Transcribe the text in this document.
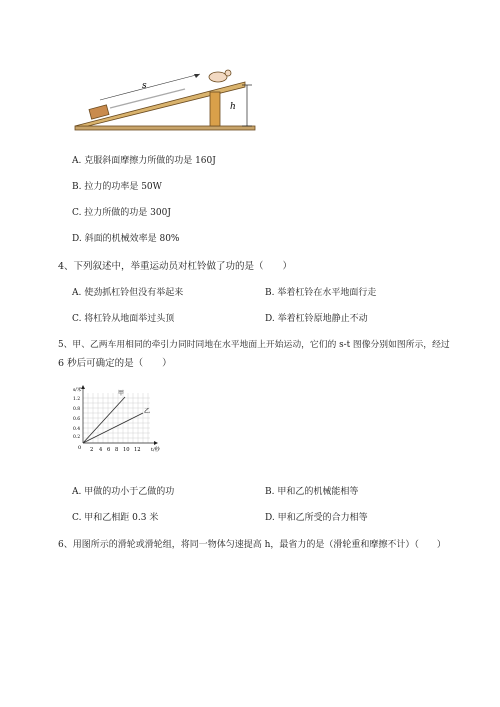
h
s
A. 克服斜面摩擦力所做的功是 160J
B. 拉力的功率是 50W
C. 拉力所做的功是 300J
D. 斜面的机械效率是 80%
4、下列叙述中，举重运动员对杠铃做了功的是（　　）
A. 使劲抓杠铃但没有举起来	B. 举着杠铃在水平地面行走
C. 将杠铃从地面举过头顶	D. 举着杠铃原地静止不动
5、甲、乙两车用相同的牵引力同时同地在水平地面上开始运动，它们的 s-t 图像分别如图所示，经过
6 秒后可确定的是（　　）
甲
乙
s/米
1.2
0.8
0.6
0.4
0.2
0 2 4 6 8 10 12 t/秒
A. 甲做的功小于乙做的功	B. 甲和乙的机械能相等
C. 甲和乙相距 0.3 米	D. 甲和乙所受的合力相等
6、用图所示的滑轮或滑轮组，将同一物体匀速提高 h，最省力的是（滑轮重和摩擦不计）（　　）
